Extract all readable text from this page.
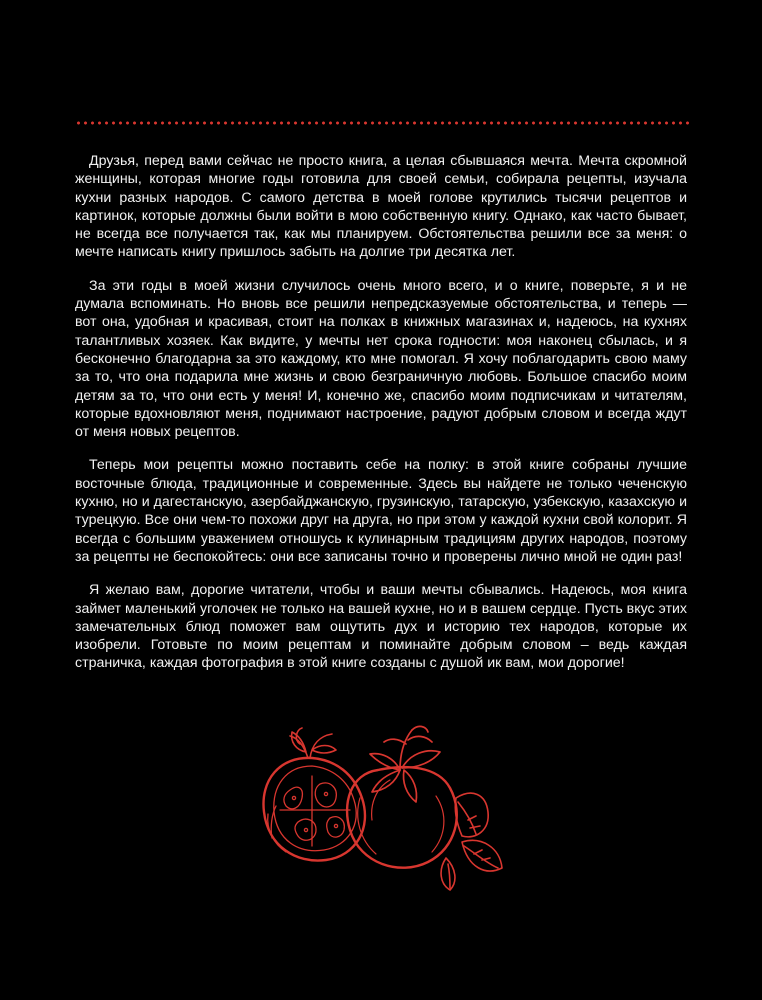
Друзья, перед вами сейчас не просто книга, а целая сбывшаяся мечта. Мечта скромной женщины, которая многие годы готовила для своей семьи, собирала рецепты, изучала кухни разных народов. С самого детства в моей голове крутились тысячи рецептов и картинок, которые должны были войти в мою собственную книгу. Однако, как часто бывает, не всегда все получается так, как мы планируем. Обстоятельства решили все за меня: о мечте написать книгу пришлось забыть на долгие три десятка лет.

За эти годы в моей жизни случилось очень много всего, и о книге, поверьте, я и не думала вспоминать. Но вновь все решили непредсказуемые обстоятельства, и теперь — вот она, удобная и красивая, стоит на полках в книжных магазинах и, надеюсь, на кухнях талантливых хозяек. Как видите, у мечты нет срока годности: моя наконец сбылась, и я бесконечно благодарна за это каждому, кто мне помогал. Я хочу поблагодарить свою маму за то, что она подарила мне жизнь и свою безграничную любовь. Большое спасибо моим детям за то, что они есть у меня! И, конечно же, спасибо моим подписчикам и читателям, которые вдохновляют меня, поднимают настроение, радуют добрым словом и всегда ждут от меня новых рецептов.

Теперь мои рецепты можно поставить себе на полку: в этой книге собраны лучшие восточные блюда, традиционные и современные. Здесь вы найдете не только чеченскую кухню, но и дагестанскую, азербайджанскую, грузинскую, татарскую, узбекскую, казахскую и турецкую. Все они чем-то похожи друг на друга, но при этом у каждой кухни свой колорит. Я всегда с большим уважением отношусь к кулинарным традициям других народов, поэтому за рецепты не беспокойтесь: они все записаны точно и проверены лично мной не один раз!

Я желаю вам, дорогие читатели, чтобы и ваши мечты сбывались. Надеюсь, моя книга займет маленький уголочек не только на вашей кухне, но и в вашем сердце. Пусть вкус этих замечательных блюд поможет вам ощутить дух и историю тех народов, которые их изобрели. Готовьте по моим рецептам и поминайте добрым словом – ведь каждая страничка, каждая фотография в этой книге созданы с душой ик вам, мои дорогие!
